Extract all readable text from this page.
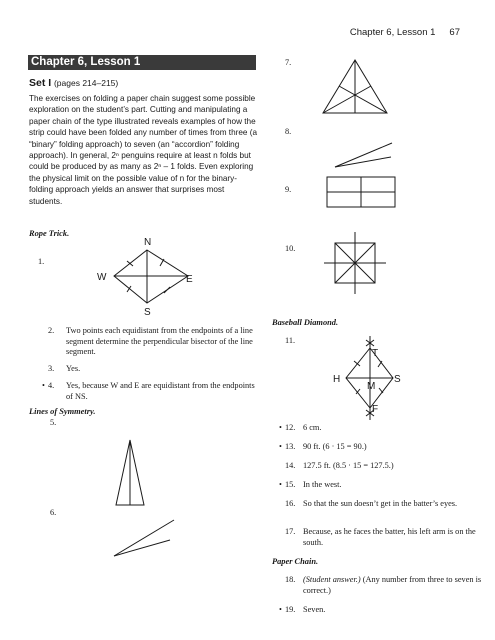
Chapter 6, Lesson 1 67
Chapter 6, Lesson 1
Set I (pages 214–215)
The exercises on folding a paper chain suggest some possible exploration on the student’s part. Cutting and manipulating a paper chain of the type illustrated reveals examples of how the strip could have been folded any number of times from three (a “binary” folding approach) to seven (an “accordion” folding approach). In general, 2ⁿ penguins require at least n folds but could be produced by as many as 2ⁿ – 1 folds. Even exploring the physical limit on the possible value of n for the binary-folding approach yields an answer that surprises most students.
Rope Trick.
1.
N
W	E
S
2. Two points each equidistant from the endpoints of a line segment determine the perpendicular bisector of the line segment.
3. Yes.
• 4. Yes, because W and E are equidistant from the endpoints of NS.
Lines of Symmetry.
5.
6.
7.
8.
9.
10.
Baseball Diamond.
11.
T
H
M
S
F
• 12. 6 cm.
• 13. 90 ft. (6 · 15 = 90.)
14. 127.5 ft. (8.5 · 15 = 127.5.)
• 15. In the west.
16. So that the sun doesn’t get in the batter’s eyes.
17. Because, as he faces the batter, his left arm is on the south.
Paper Chain.
18. (Student answer.) (Any number from three to seven is correct.)
• 19. Seven.
